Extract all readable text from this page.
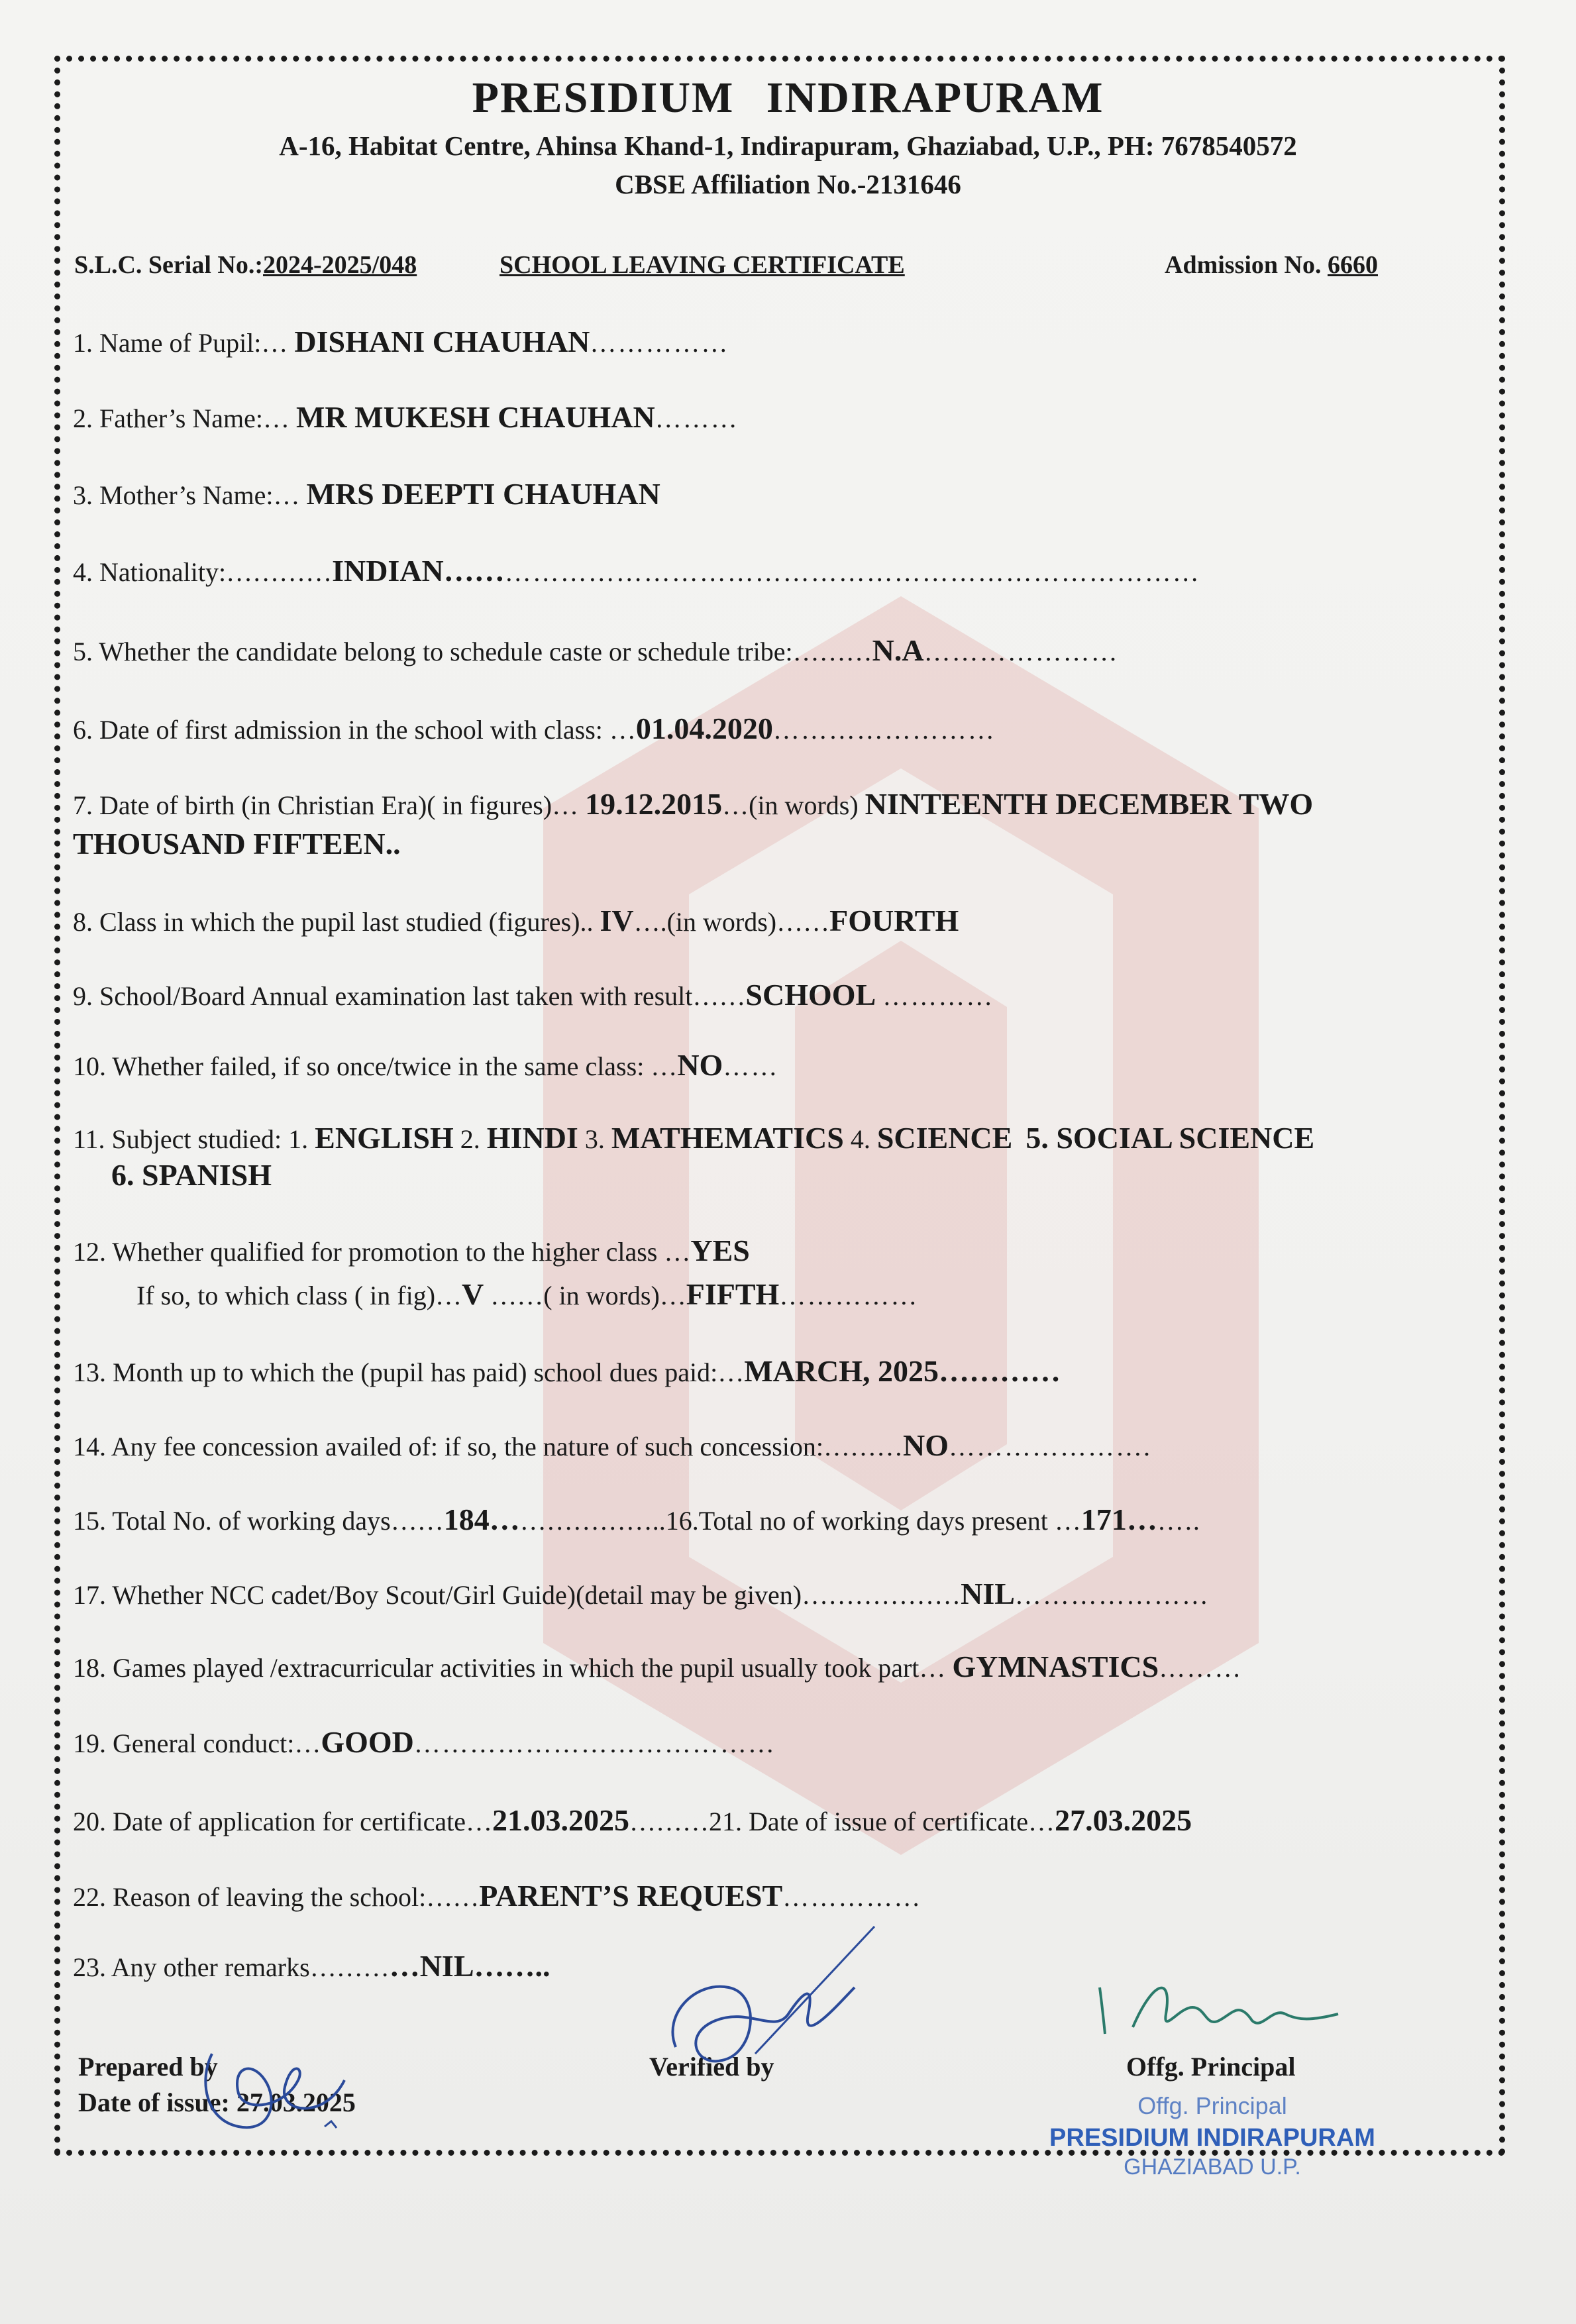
PRESIDIUM INDIRAPURAM
A-16, Habitat Centre, Ahinsa Khand-1, Indirapuram, Ghaziabad, U.P., PH: 7678540572
CBSE Affiliation No.-2131646
S.L.C. Serial No.:2024-2025/048	SCHOOL LEAVING CERTIFICATE	Admission No. 6660
1. Name of Pupil:… DISHANI CHAUHAN……………
2. Father’s Name:… MR MUKESH CHAUHAN………
3. Mother’s Name:… MRS DEEPTI CHAUHAN
4. Nationality:…………INDIAN………………………………………………………………………
5. Whether the candidate belong to schedule caste or schedule tribe:………N.A…………………
6. Date of first admission in the school with class: …01.04.2020……………………
7. Date of birth (in Christian Era)( in figures)… 19.12.2015…(in words) NINTEENTH DECEMBER TWO
THOUSAND FIFTEEN..
8. Class in which the pupil last studied (figures).. IV….(in words)……FOURTH
9. School/Board Annual examination last taken with result……SCHOOL …………
10. Whether failed, if so once/twice in the same class: …NO……
11. Subject studied: 1. ENGLISH 2. HINDI 3. MATHEMATICS 4. SCIENCE 5. SOCIAL SCIENCE
6. SPANISH
12. Whether qualified for promotion to the higher class …YES
If so, to which class ( in fig)…V ……( in words)…FIFTH……………
13. Month up to which the (pupil has paid) school dues paid:…MARCH, 2025…………
14. Any fee concession availed of: if so, the nature of such concession:………NO………………….
15. Total No. of working days……184………………..16.Total no of working days present …171……..
17. Whether NCC cadet/Boy Scout/Girl Guide)(detail may be given)………………NIL…………………
18. Games played /extracurricular activities in which the pupil usually took part… GYMNASTICS………
19. General conduct:…GOOD…………………………………
20. Date of application for certificate…21.03.2025………21. Date of issue of certificate…27.03.2025
22. Reason of leaving the school:……PARENT’S REQUEST……………
23. Any other remarks…………NIL……..
Prepared by
Date of issue: 27.03.2025
Verified by	Offg. Principal
Offg. Principal
PRESIDIUM INDIRAPURAM
GHAZIABAD U.P.
